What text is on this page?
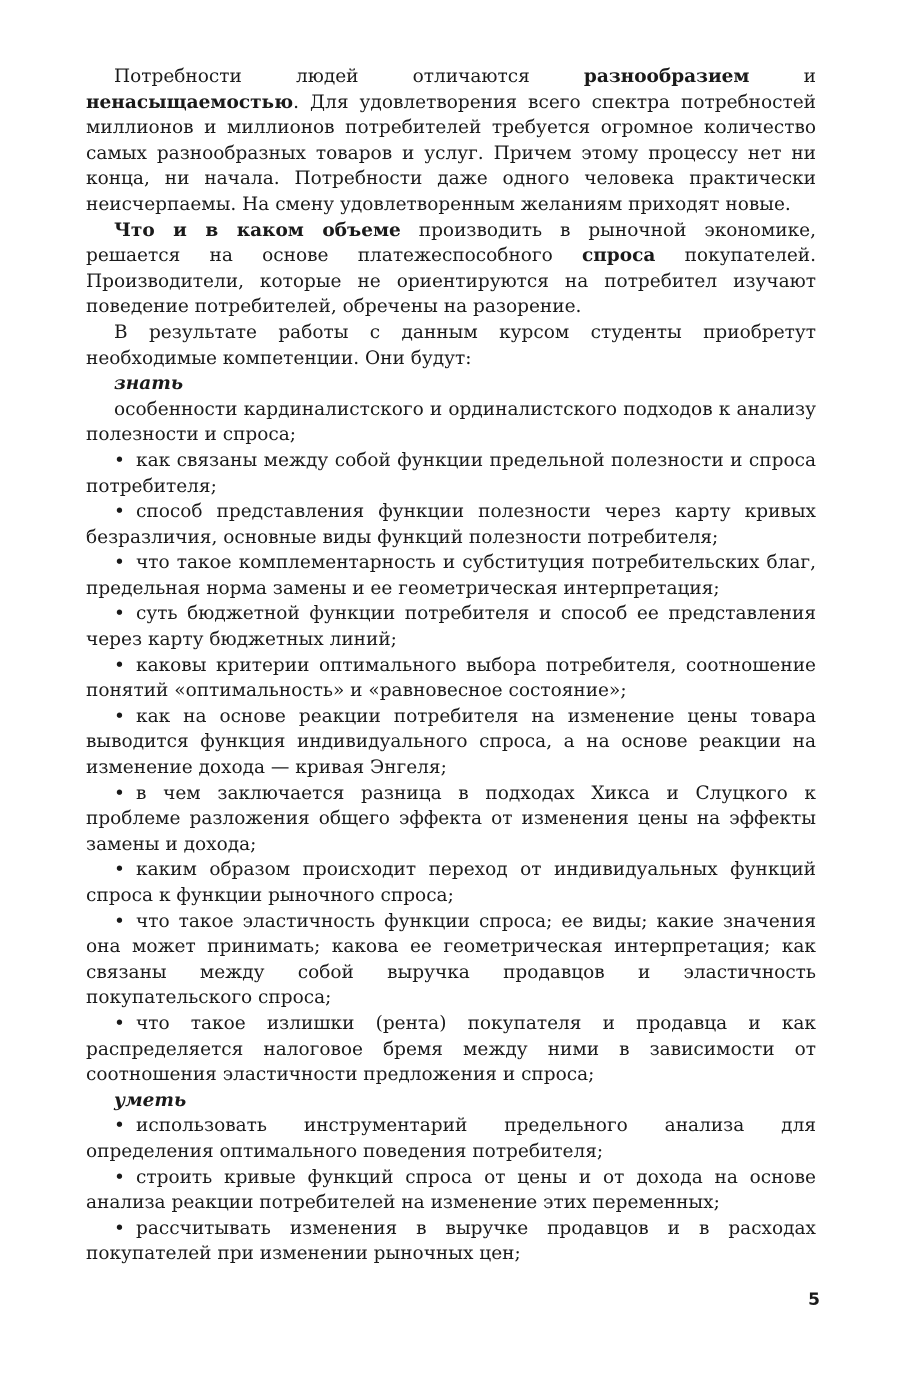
Потребности людей отличаются разнообразием и ненасыщаемостью. Для удовлетворения всего спектра потребностей миллионов и миллионов потребителей требуется огромное количество самых разнообразных товаров и услуг. Причем этому процессу нет ни конца, ни начала. Потребности даже одного человека практически неисчерпаемы. На смену удовлетворенным желаниям приходят новые.

Что и в каком объеме производить в рыночной экономике, решается на основе платежеспособного спроса покупателей. Производители, которые не ориентируются на потребител изучают поведение потребителей, обречены на разорение.

В результате работы с данным курсом студенты приобретут необходимые компетенции. Они будут:

знать

особенности кардиналистского и ординалистского подходов к анализу полезности и спроса;

• как связаны между собой функции предельной полезности и спроса потребителя;

• способ представления функции полезности через карту кривых безразличия, основные виды функций полезности потребителя;

• что такое комплементарность и субституция потребительских благ, предельная норма замены и ее геометрическая интерпретация;

• суть бюджетной функции потребителя и способ ее представления через карту бюджетных линий;

• каковы критерии оптимального выбора потребителя, соотношение понятий «оптимальность» и «равновесное состояние»;

• как на основе реакции потребителя на изменение цены товара выводится функция индивидуального спроса, а на основе реакции на изменение дохода — кривая Энгеля;

• в чем заключается разница в подходах Хикса и Слуцкого к проблеме разложения общего эффекта от изменения цены на эффекты замены и дохода;

• каким образом происходит переход от индивидуальных функций спроса к функции рыночного спроса;

• что такое эластичность функции спроса; ее виды; какие значения она может принимать; какова ее геометрическая интерпретация; как связаны между собой выручка продавцов и эластичность покупательского спроса;

• что такое излишки (рента) покупателя и продавца и как распределяется налоговое бремя между ними в зависимости от соотношения эластичности предложения и спроса;

уметь

• использовать инструментарий предельного анализа для определения оптимального поведения потребителя;

• строить кривые функций спроса от цены и от дохода на основе анализа реакции потребителей на изменение этих переменных;

• рассчитывать изменения в выручке продавцов и в расходах покупателей при изменении рыночных цен;

5
